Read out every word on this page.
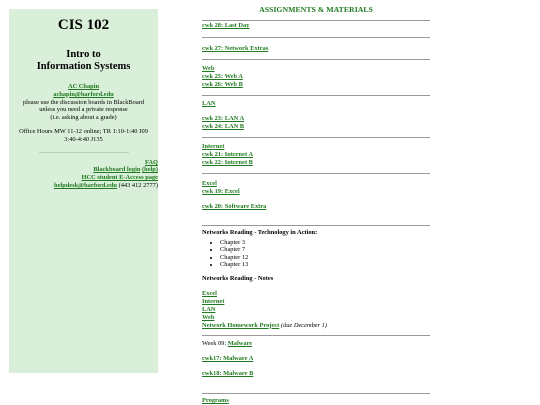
CIS 102
Intro to
Information Systems
AC Chapin
achapin@harford.edu
please use the discussion boards in BlackBoard
unless you need a private response
(i.e. asking about a grade)
Office Hours MW 11-12 online; TR 1:10-1:40 J09
3:40-4:40 J135
FAQ
Blackboard login (help)
HCC student E-Access page
helpdesk@harford.edu (443 412 2777)
ASSIGNMENTS & MATERIALS
cwk 28: Last Day
cwk 27: Network Extras
Web
cwk 25: Web A
cwk 26: Web B
LAN
cwk 23: LAN A
cwk 24: LAN B
Internet
cwk 21: Internet A
cwk 22: Internet B
Excel
cwk 19: Excel
cwk 20: Software Extra
Networks Reading - Technology in Action:
• Chapter 3
• Chapter 7
• Chapter 12
• Chapter 13
Networks Reading - Notes
Excel
Internet
LAN
Web
Network Homework Project (due December 1)
Week 09: Malware
cwk17: Malware A
cwk18: Malware B
Programs
